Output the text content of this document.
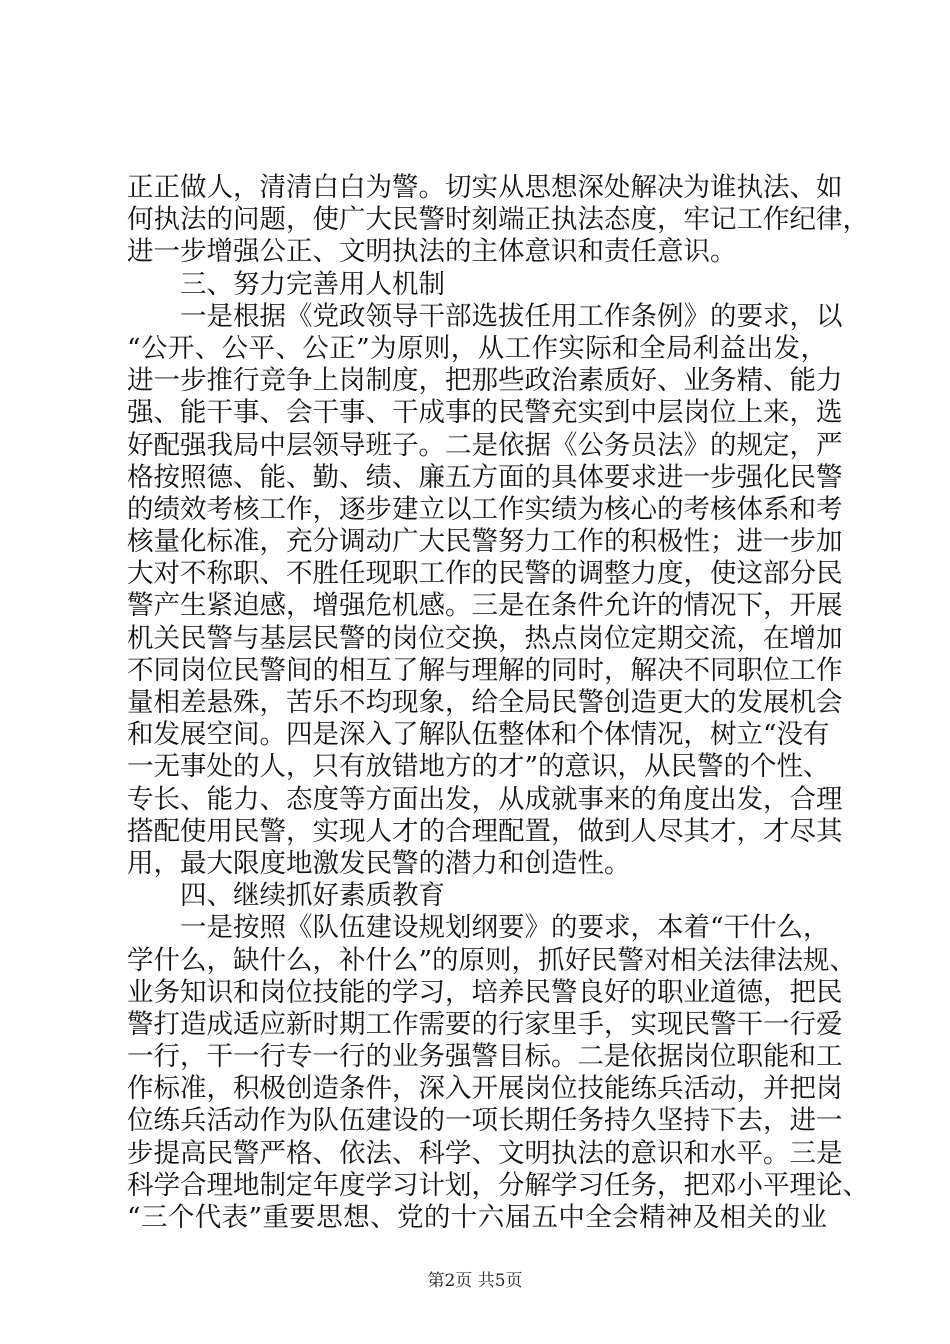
正正做人，清清白白为警。切实从思想深处解决为谁执法、如
何执法的问题，使广大民警时刻端正执法态度，牢记工作纪律，
进一步增强公正、文明执法的主体意识和责任意识。
三、努力完善用人机制
一是根据《党政领导干部选拔任用工作条例》的要求，以
“公开、公平、公正”为原则，从工作实际和全局利益出发，
进一步推行竞争上岗制度，把那些政治素质好、业务精、能力
强、能干事、会干事、干成事的民警充实到中层岗位上来，选
好配强我局中层领导班子。二是依据《公务员法》的规定，严
格按照德、能、勤、绩、廉五方面的具体要求进一步强化民警
的绩效考核工作，逐步建立以工作实绩为核心的考核体系和考
核量化标准，充分调动广大民警努力工作的积极性；进一步加
大对不称职、不胜任现职工作的民警的调整力度，使这部分民
警产生紧迫感，增强危机感。三是在条件允许的情况下，开展
机关民警与基层民警的岗位交换，热点岗位定期交流，在增加
不同岗位民警间的相互了解与理解的同时，解决不同职位工作
量相差悬殊，苦乐不均现象，给全局民警创造更大的发展机会
和发展空间。四是深入了解队伍整体和个体情况，树立“没有
一无事处的人，只有放错地方的才”的意识，从民警的个性、
专长、能力、态度等方面出发，从成就事来的角度出发，合理
搭配使用民警，实现人才的合理配置，做到人尽其才，才尽其
用，最大限度地激发民警的潜力和创造性。
四、继续抓好素质教育
一是按照《队伍建设规划纲要》的要求，本着“干什么，
学什么，缺什么，补什么”的原则，抓好民警对相关法律法规、
业务知识和岗位技能的学习，培养民警良好的职业道德，把民
警打造成适应新时期工作需要的行家里手，实现民警干一行爱
一行，干一行专一行的业务强警目标。二是依据岗位职能和工
作标准，积极创造条件，深入开展岗位技能练兵活动，并把岗
位练兵活动作为队伍建设的一项长期任务持久坚持下去，进一
步提高民警严格、依法、科学、文明执法的意识和水平。三是
科学合理地制定年度学习计划，分解学习任务，把邓小平理论、
“三个代表”重要思想、党的十六届五中全会精神及相关的业
第2页 共5页
